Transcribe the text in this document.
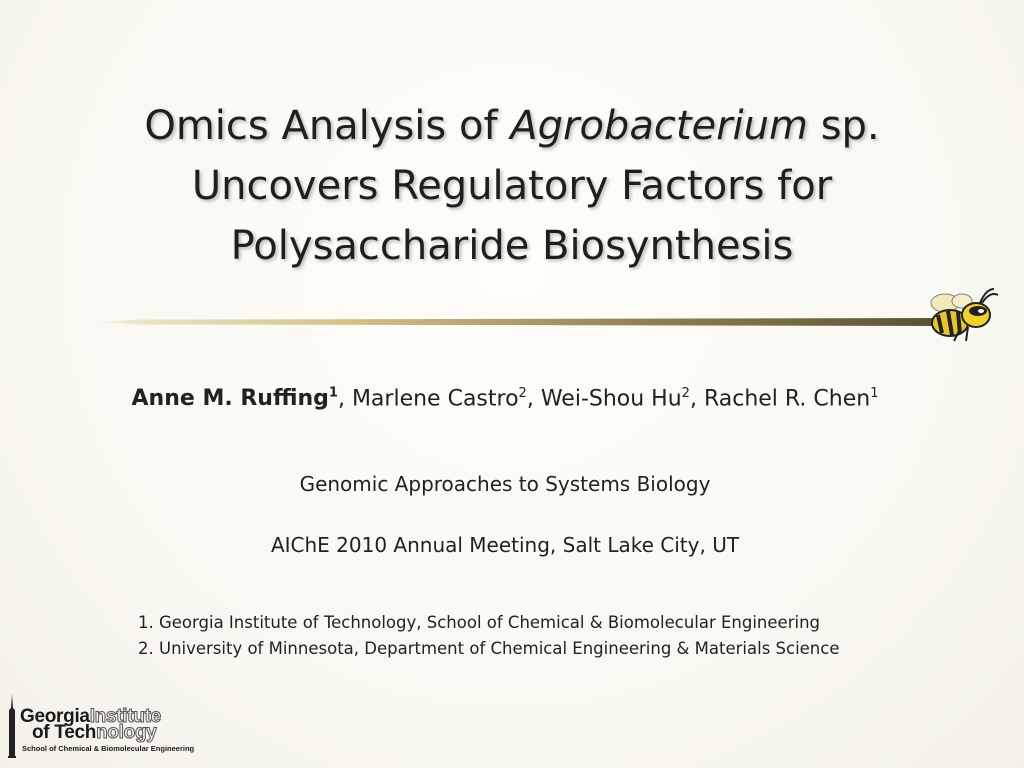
Omics Analysis of Agrobacterium sp.
Uncovers Regulatory Factors for
Polysaccharide Biosynthesis
Anne M. Ruffing$^1$, Marlene Castro$^2$, Wei-Shou Hu$^2$, Rachel R. Chen$^1$
Genomic Approaches to Systems Biology
AIChE 2010 Annual Meeting, Salt Lake City, UT
1. Georgia Institute of Technology, School of Chemical & Biomolecular Engineering
2. University of Minnesota, Department of Chemical Engineering & Materials Science
GeorgiaInstitute
of Technology
School of Chemical & Biomolecular Engineering
